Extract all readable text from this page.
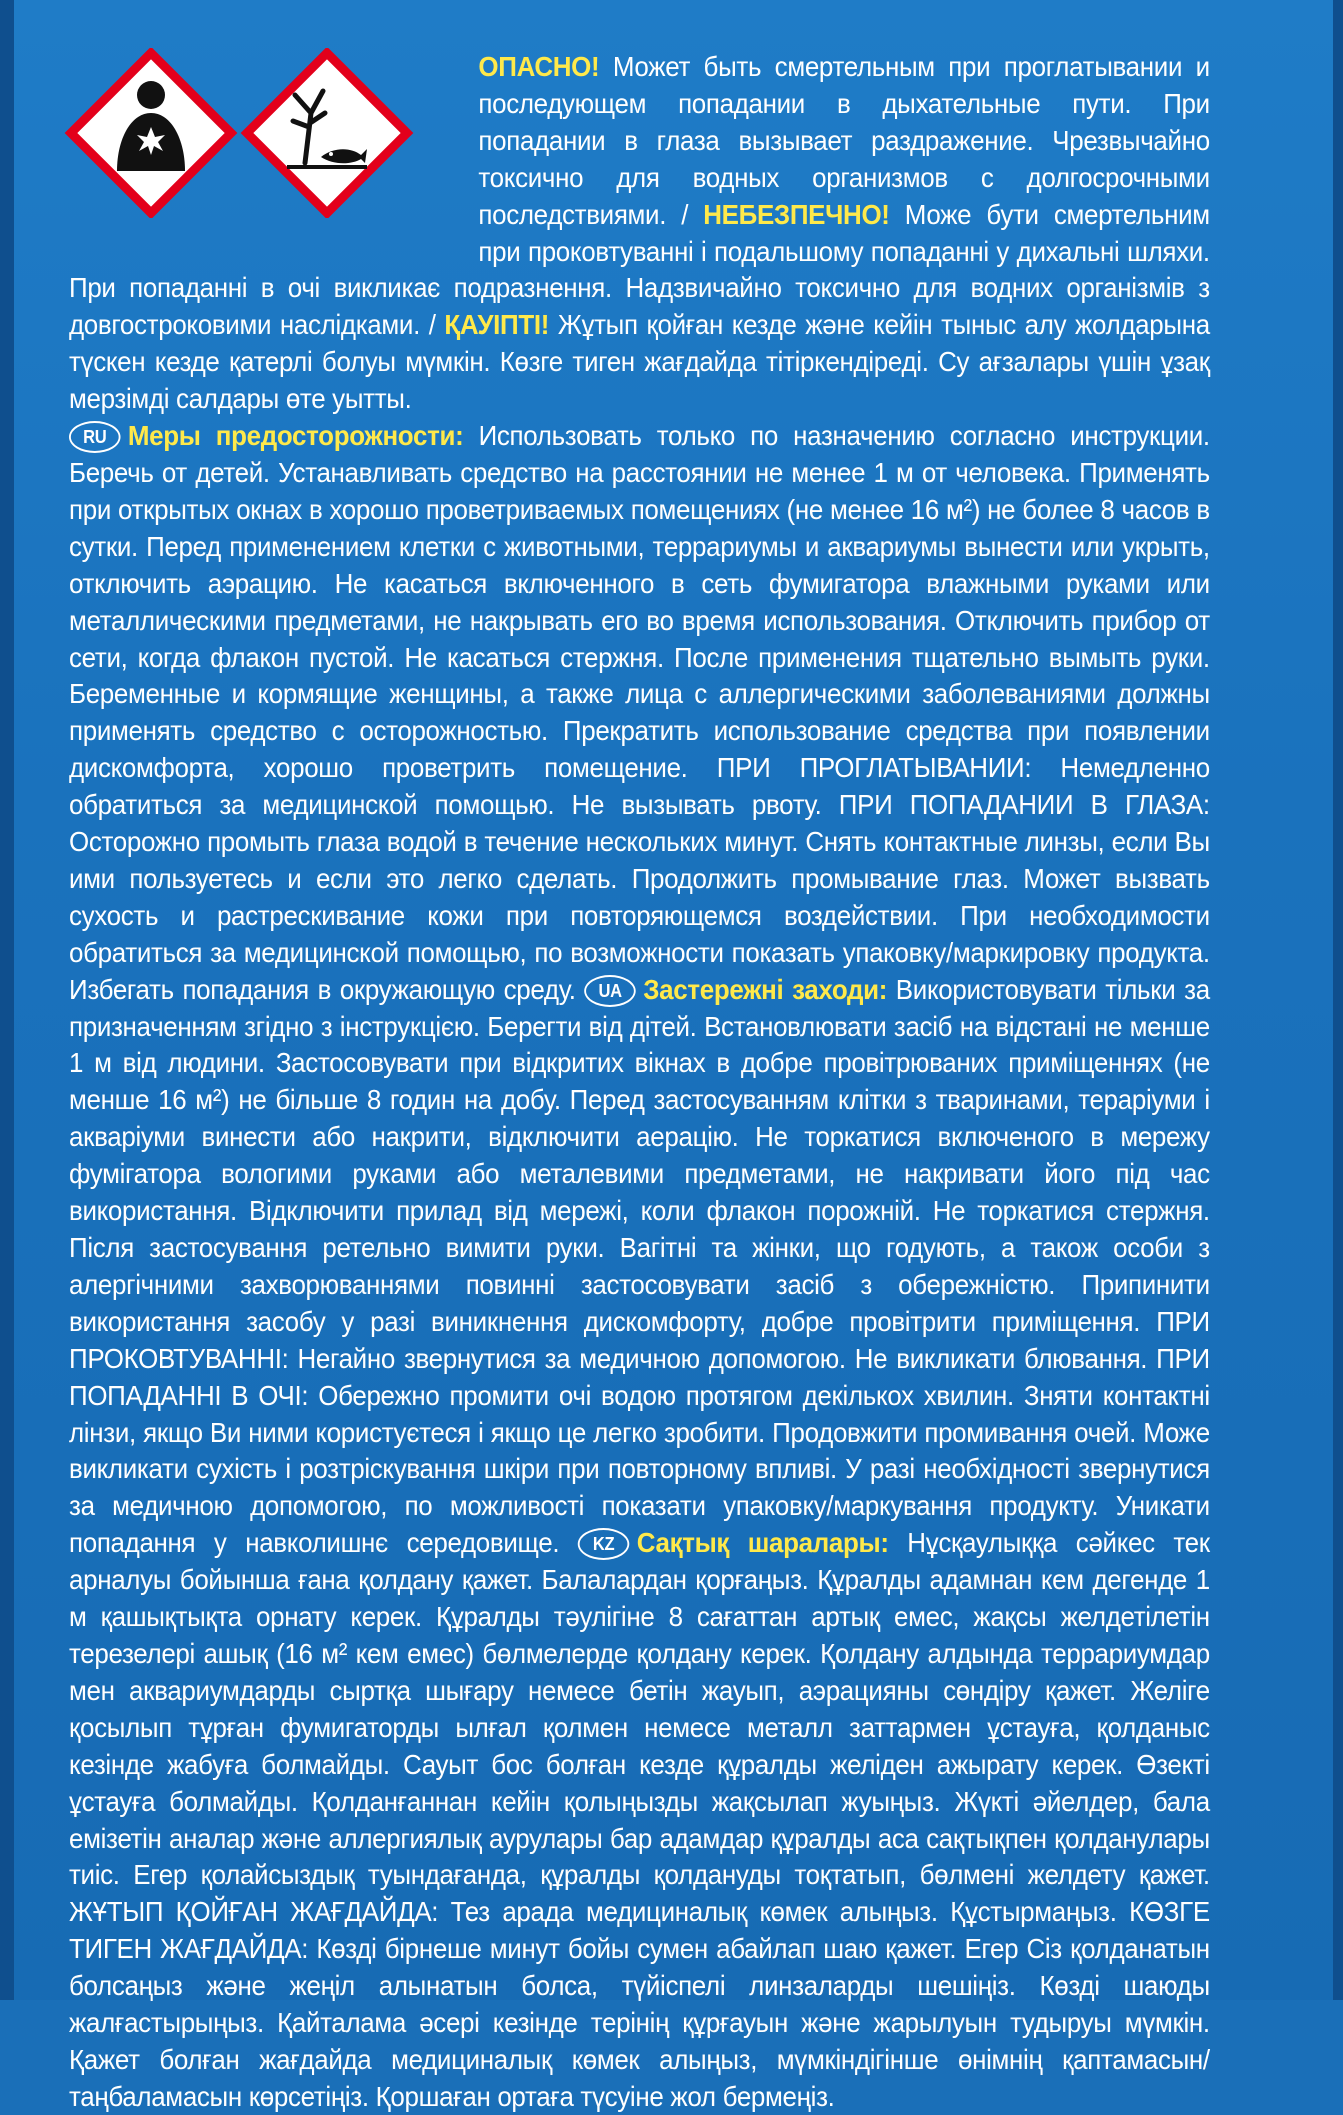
ОПАСНО! Может быть смертельным при проглатывании и последующем попадании в дыхательные пути. При попадании в глаза вызывает раздражение. Чрезвычайно токсично для водных организмов с долгосрочными последствиями. / НЕБЕЗПЕЧНО! Може бути смертельним при проковтуванні і подальшому попаданні у дихальні шляхи. При попаданні в очі викликає подразнення. Надзвичайно токсично для водних організмів з довгостроковими наслідками. / ҚАУІПТІ! Жұтып қойған кезде және кейін тыныс алу жолдарына түскен кезде қатерлі болуы мүмкін. Көзге тиген жағдайда тітіркендіреді. Су ағзалары үшін ұзақ мерзімді салдары өте уытты.

RU Меры предосторожности: Использовать только по назначению согласно инструкции. Беречь от детей. Устанавливать средство на расстоянии не менее 1 м от человека. Применять при открытых окнах в хорошо проветриваемых помещениях (не менее 16 м²) не более 8 часов в сутки. Перед применением клетки с животными, террариумы и аквариумы вынести или укрыть, отключить аэрацию. Не касаться включенного в сеть фумигатора влажными руками или металлическими предметами, не накрывать его во время использования. Отключить прибор от сети, когда флакон пустой. Не касаться стержня. После применения тщательно вымыть руки. Беременные и кормящие женщины, а также лица с аллергическими заболеваниями должны применять средство с осторожностью. Прекратить использование средства при появлении дискомфорта, хорошо проветрить помещение. ПРИ ПРОГЛАТЫВАНИИ: Немедленно обратиться за медицинской помощью. Не вызывать рвоту. ПРИ ПОПАДАНИИ В ГЛАЗА: Осторожно промыть глаза водой в течение нескольких минут. Снять контактные линзы, если Вы ими пользуетесь и если это легко сделать. Продолжить промывание глаз. Может вызвать сухость и растрескивание кожи при повторяющемся воздействии. При необходимости обратиться за медицинской помощью, по возможности показать упаковку/маркировку продукта. Избегать попадания в окружающую среду. UA Застережні заходи: Використовувати тільки за призначенням згідно з інструкцією. Берегти від дітей. Встановлювати засіб на відстані не менше 1 м від людини. Застосовувати при відкритих вікнах в добре провітрюваних приміщеннях (не менше 16 м²) не більше 8 годин на добу. Перед застосуванням клітки з тваринами, тераріуми і акваріуми винести або накрити, відключити аерацію. Не торкатися включеного в мережу фумігатора вологими руками або металевими предметами, не накривати його під час використання. Відключити прилад від мережі, коли флакон порожній. Не торкатися стержня. Після застосування ретельно вимити руки. Вагітні та жінки, що годують, а також особи з алергічними захворюваннями повинні застосовувати засіб з обережністю. Припинити використання засобу у разі виникнення дискомфорту, добре провітрити приміщення. ПРИ ПРОКОВТУВАННІ: Негайно звернутися за медичною допомогою. Не викликати блювання. ПРИ ПОПАДАННІ В ОЧІ: Обережно промити очі водою протягом декількох хвилин. Зняти контактні лінзи, якщо Ви ними користуєтеся і якщо це легко зробити. Продовжити промивання очей. Може викликати сухість і розтріскування шкіри при повторному впливі. У разі необхідності звернутися за медичною допомогою, по можливості показати упаковку/маркування продукту. Уникати попадання у навколишнє середовище. KZ Сақтық шаралары: Нұсқаулыққа сәйкес тек арналуы бойынша ғана қолдану қажет. Балалардан қорғаңыз. Құралды адамнан кем дегенде 1 м қашықтықта орнату керек. Құралды тәулігіне 8 сағаттан артық емес, жақсы желдетілетін терезелері ашық (16 м² кем емес) бөлмелерде қолдану керек. Қолдану алдында террариумдар мен аквариумдарды сыртқа шығару немесе бетін жауып, аэрацияны сөндіру қажет. Желіге қосылып тұрған фумигаторды ылғал қолмен немесе металл заттармен ұстауға, қолданыс кезінде жабуға болмайды. Сауыт бос болған кезде құралды желіден ажырату керек. Өзекті ұстауға болмайды. Қолданғаннан кейін қолыңызды жақсылап жуыңыз. Жүкті әйелдер, бала емізетін аналар және аллергиялық аурулары бар адамдар құралды аса сақтықпен қолданулары тиіс. Егер қолайсыздық туындағанда, құралды қолдануды тоқтатып, бөлмені желдету қажет. ЖҰТЫП ҚОЙҒАН ЖАҒДАЙДА: Тез арада медициналық көмек алыңыз. Құстырмаңыз. КӨЗГЕ ТИГЕН ЖАҒДАЙДА: Көзді бірнеше минут бойы сумен абайлап шаю қажет. Егер Сіз қолданатын болсаңыз және жеңіл алынатын болса, түйіспелі линзаларды шешіңіз. Көзді шаюды жалғастырыңыз. Қайталама әсері кезінде терінің құрғауын және жарылуын тудыруы мүмкін. Қажет болған жағдайда медициналық көмек алыңыз, мүмкіндігінше өнімнің қаптамасын/таңбаламасын көрсетіңіз. Қоршаған ортаға түсуіне жол бермеңіз.
